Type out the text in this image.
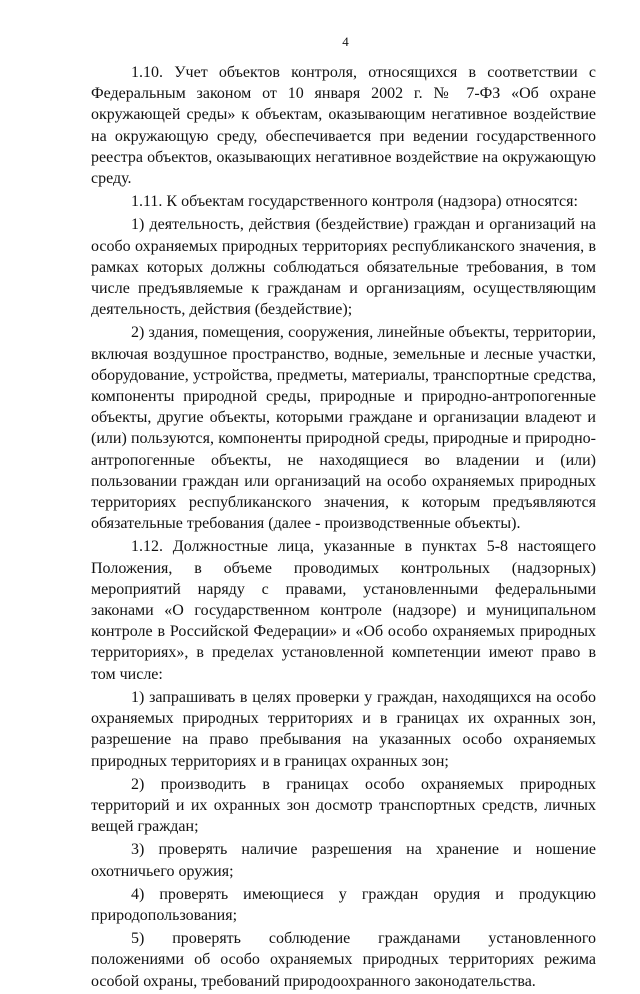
4

1.10. Учет объектов контроля, относящихся в соответствии с Федеральным законом от 10 января 2002 г. № 7-ФЗ «Об охране окружающей среды» к объектам, оказывающим негативное воздействие на окружающую среду, обеспечивается при ведении государственного реестра объектов, оказывающих негативное воздействие на окружающую среду.

1.11. К объектам государственного контроля (надзора) относятся:

1) деятельность, действия (бездействие) граждан и организаций на особо охраняемых природных территориях республиканского значения, в рамках которых должны соблюдаться обязательные требования, в том числе предъявляемые к гражданам и организациям, осуществляющим деятельность, действия (бездействие);

2) здания, помещения, сооружения, линейные объекты, территории, включая воздушное пространство, водные, земельные и лесные участки, оборудование, устройства, предметы, материалы, транспортные средства, компоненты природной среды, природные и природно-антропогенные объекты, другие объекты, которыми граждане и организации владеют и (или) пользуются, компоненты природной среды, природные и природно-антропогенные объекты, не находящиеся во владении и (или) пользовании граждан или организаций на особо охраняемых природных территориях республиканского значения, к которым предъявляются обязательные требования (далее - производственные объекты).

1.12. Должностные лица, указанные в пунктах 5-8 настоящего Положения, в объеме проводимых контрольных (надзорных) мероприятий наряду с правами, установленными федеральными законами «О государственном контроле (надзоре) и муниципальном контроле в Российской Федерации» и «Об особо охраняемых природных территориях», в пределах установленной компетенции имеют право в том числе:

1) запрашивать в целях проверки у граждан, находящихся на особо охраняемых природных территориях и в границах их охранных зон, разрешение на право пребывания на указанных особо охраняемых природных территориях и в границах охранных зон;

2) производить в границах особо охраняемых природных территорий и их охранных зон досмотр транспортных средств, личных вещей граждан;

3) проверять наличие разрешения на хранение и ношение охотничьего оружия;

4) проверять имеющиеся у граждан орудия и продукцию природопользования;

5) проверять соблюдение гражданами установленного положениями об особо охраняемых природных территориях режима особой охраны, требований природоохранного законодательства.
